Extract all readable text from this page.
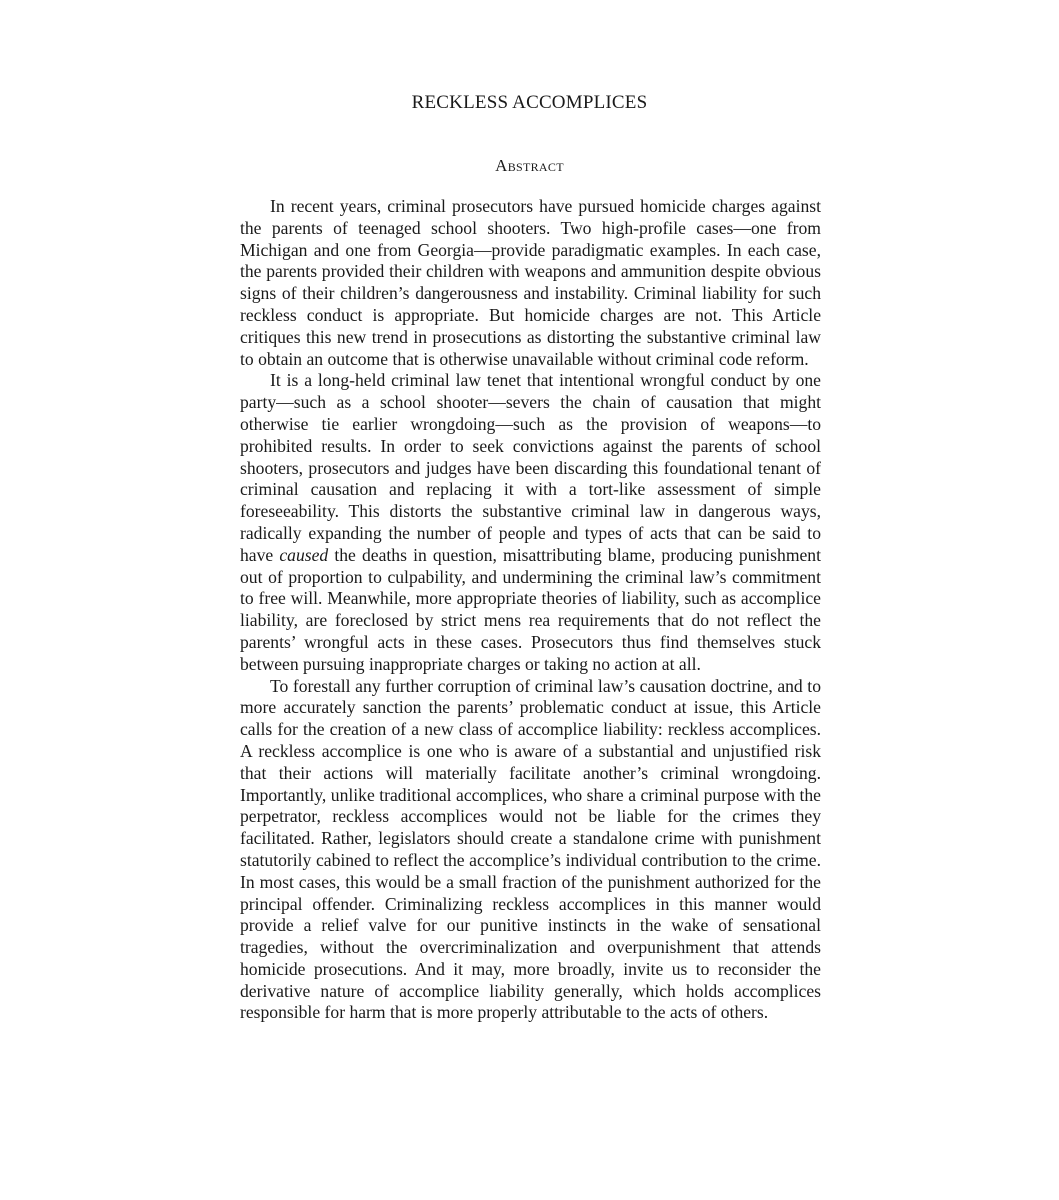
RECKLESS ACCOMPLICES
Abstract

In recent years, criminal prosecutors have pursued homicide charges against the parents of teenaged school shooters. Two high-profile cases—one from Michigan and one from Georgia—provide paradigmatic examples. In each case, the parents provided their children with weapons and ammunition despite obvious signs of their children’s dangerousness and instability. Criminal liability for such reckless conduct is appropriate. But homicide charges are not. This Article critiques this new trend in prosecutions as distorting the substantive criminal law to obtain an outcome that is otherwise unavailable without criminal code reform.

It is a long-held criminal law tenet that intentional wrongful conduct by one party—such as a school shooter—severs the chain of causation that might otherwise tie earlier wrongdoing—such as the provision of weapons—to prohibited results. In order to seek convictions against the parents of school shooters, prosecutors and judges have been discarding this foundational tenant of criminal causation and replacing it with a tort-like assessment of simple foreseeability. This distorts the substantive criminal law in dangerous ways, radically expanding the number of people and types of acts that can be said to have caused the deaths in question, misattributing blame, producing punishment out of proportion to culpability, and undermining the criminal law’s commitment to free will. Meanwhile, more appropriate theories of liability, such as accomplice liability, are foreclosed by strict mens rea requirements that do not reflect the parents’ wrongful acts in these cases. Prosecutors thus find themselves stuck between pursuing inappropriate charges or taking no action at all.

To forestall any further corruption of criminal law’s causation doctrine, and to more accurately sanction the parents’ problematic conduct at issue, this Article calls for the creation of a new class of accomplice liability: reckless accomplices. A reckless accomplice is one who is aware of a substantial and unjustified risk that their actions will materially facilitate another’s criminal wrongdoing. Importantly, unlike traditional accomplices, who share a criminal purpose with the perpetrator, reckless accomplices would not be liable for the crimes they facilitated. Rather, legislators should create a standalone crime with punishment statutorily cabined to reflect the accomplice’s individual contribution to the crime. In most cases, this would be a small fraction of the punishment authorized for the principal offender. Criminalizing reckless accomplices in this manner would provide a relief valve for our punitive instincts in the wake of sensational tragedies, without the overcriminalization and overpunishment that attends homicide prosecutions. And it may, more broadly, invite us to reconsider the derivative nature of accomplice liability generally, which holds accomplices responsible for harm that is more properly attributable to the acts of others.
